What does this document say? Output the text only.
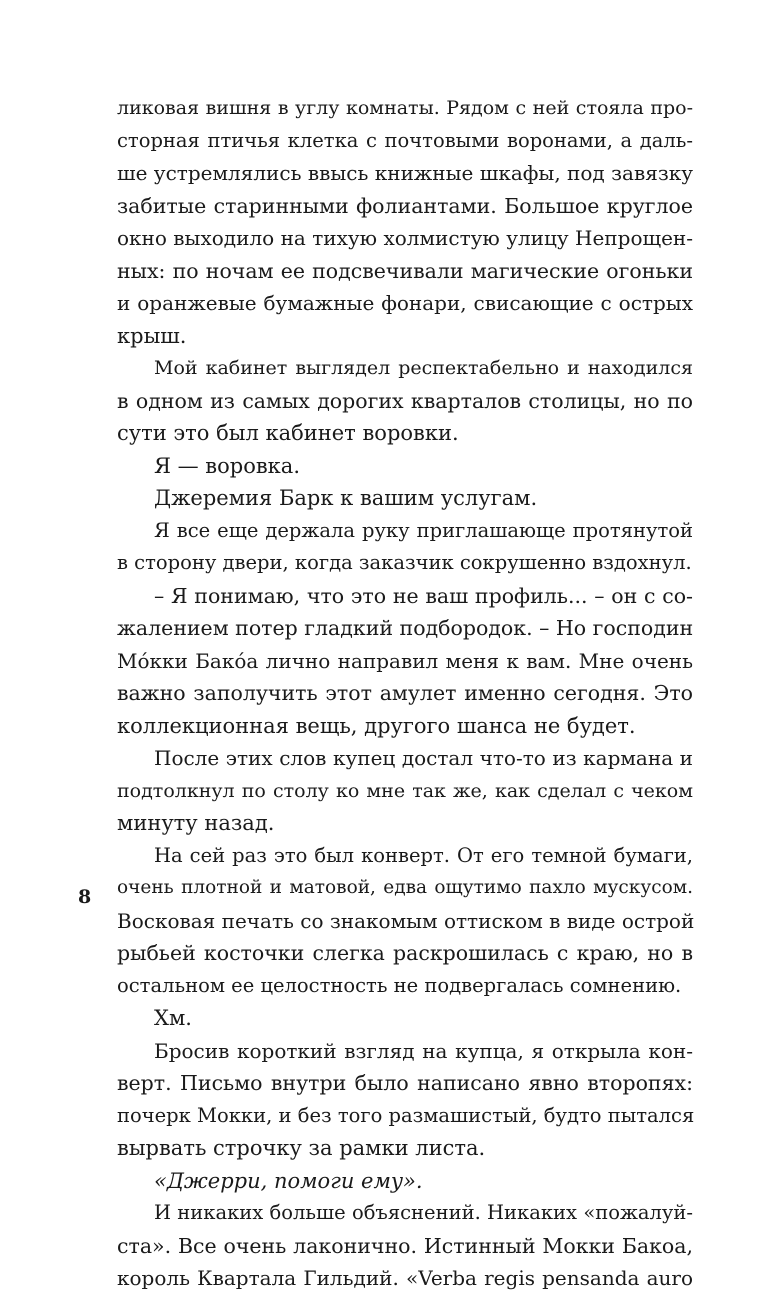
ликовая вишня в углу комнаты. Рядом с ней стояла про-
сторная птичья клетка с почтовыми воронами, а даль-
ше устремлялись ввысь книжные шкафы, под завязку
забитые старинными фолиантами. Большое круглое
окно выходило на тихую холмистую улицу Непрощен-
ных: по ночам ее подсвечивали магические огоньки
и оранжевые бумажные фонари, свисающие с острых
крыш.
Мой кабинет выглядел респектабельно и находился
в одном из самых дорогих кварталов столицы, но по
сути это был кабинет воровки.
Я — воровка.
Джеремия Барк к вашим услугам.
Я все еще держала руку приглашающе протянутой
в сторону двери, когда заказчик сокрушенно вздохнул.
– Я понимаю, что это не ваш профиль... – он с со-
жалением потер гладкий подбородок. – Но господин
Мóкки Бакóа лично направил меня к вам. Мне очень
важно заполучить этот амулет именно сегодня. Это
коллекционная вещь, другого шанса не будет.
После этих слов купец достал что-то из кармана и
подтолкнул по столу ко мне так же, как сделал с чеком
минуту назад.
На сей раз это был конверт. От его темной бумаги,
очень плотной и матовой, едва ощутимо пахло мускусом.
Восковая печать со знакомым оттиском в виде острой
рыбьей косточки слегка раскрошилась с краю, но в
остальном ее целостность не подвергалась сомнению.
Хм.
Бросив короткий взгляд на купца, я открыла кон-
верт. Письмо внутри было написано явно второпях:
почерк Мокки, и без того размашистый, будто пытался
вырвать строчку за рамки листа.
«Джерри, помоги ему».
И никаких больше объяснений. Никаких «пожалуй-
ста». Все очень лаконично. Истинный Мокки Бакоа,
король Квартала Гильдий. «Verba regis pensanda auro
8
